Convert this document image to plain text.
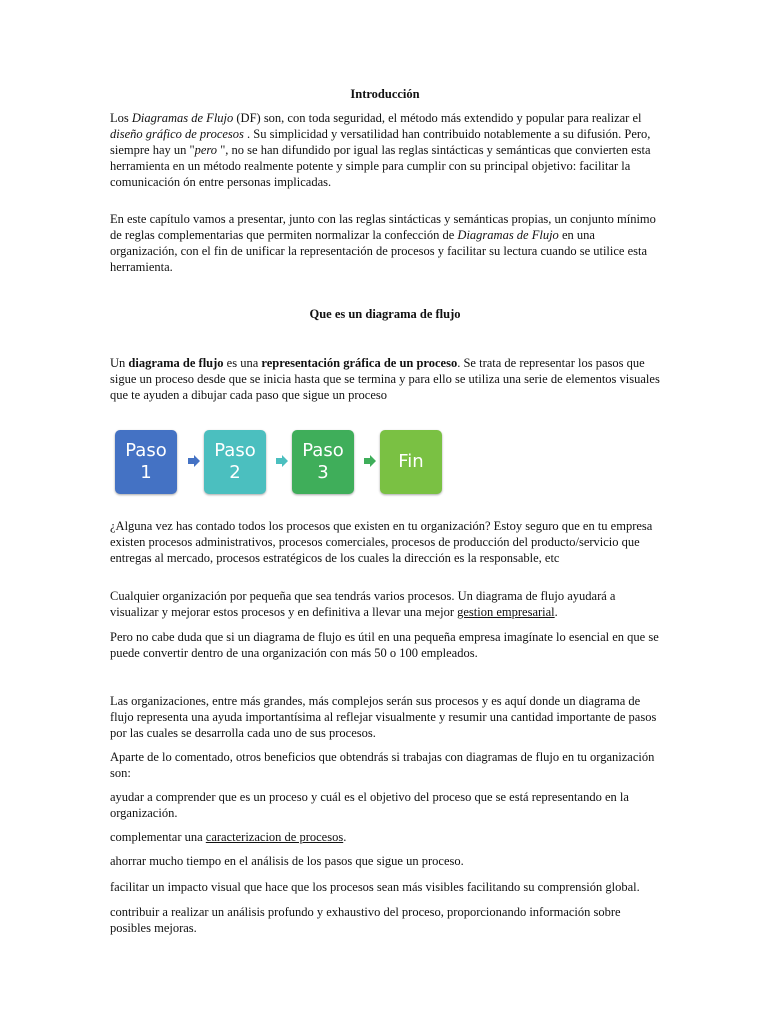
Introducción

Los Diagramas de Flujo (DF) son, con toda seguridad, el método más extendido y popular para realizar el diseño gráfico de procesos . Su simplicidad y versatilidad han contribuido notablemente a su difusión. Pero, siempre hay un "pero ", no se han difundido por igual las reglas sintácticas y semánticas que convierten esta herramienta en un método realmente potente y simple para cumplir con su principal objetivo: facilitar la comunicación ón entre personas implicadas.

En este capítulo vamos a presentar, junto con las reglas sintácticas y semánticas propias, un conjunto mínimo de reglas complementarias que permiten normalizar la confección de Diagramas de Flujo en una organización, con el fin de unificar la representación de procesos y facilitar su lectura cuando se utilice esta herramienta.

Que es un diagrama de flujo

Un diagrama de flujo es una representación gráfica de un proceso. Se trata de representar los pasos que sigue un proceso desde que se inicia hasta que se termina y para ello se utiliza una serie de elementos visuales que te ayuden a dibujar cada paso que sigue un proceso

Paso
1
Paso
2
Paso
3
Fin

¿Alguna vez has contado todos los procesos que existen en tu organización? Estoy seguro que en tu empresa existen procesos administrativos, procesos comerciales, procesos de producción del producto/servicio que entregas al mercado, procesos estratégicos de los cuales la dirección es la responsable, etc

Cualquier organización por pequeña que sea tendrás varios procesos. Un diagrama de flujo ayudará a visualizar y mejorar estos procesos y en definitiva a llevar una mejor gestion empresarial.

Pero no cabe duda que si un diagrama de flujo es útil en una pequeña empresa imagínate lo esencial en que se puede convertir dentro de una organización con más 50 o 100 empleados.

Las organizaciones, entre más grandes, más complejos serán sus procesos y es aquí donde un diagrama de flujo representa una ayuda importantísima al reflejar visualmente y resumir una cantidad importante de pasos por las cuales se desarrolla cada uno de sus procesos.

Aparte de lo comentado, otros beneficios que obtendrás si trabajas con diagramas de flujo en tu organización son:

ayudar a comprender que es un proceso y cuál es el objetivo del proceso que se está representando en la organización.

complementar una caracterizacion de procesos.

ahorrar mucho tiempo en el análisis de los pasos que sigue un proceso.

facilitar un impacto visual que hace que los procesos sean más visibles facilitando su comprensión global.

contribuir a realizar un análisis profundo y exhaustivo del proceso, proporcionando información sobre posibles mejoras.
